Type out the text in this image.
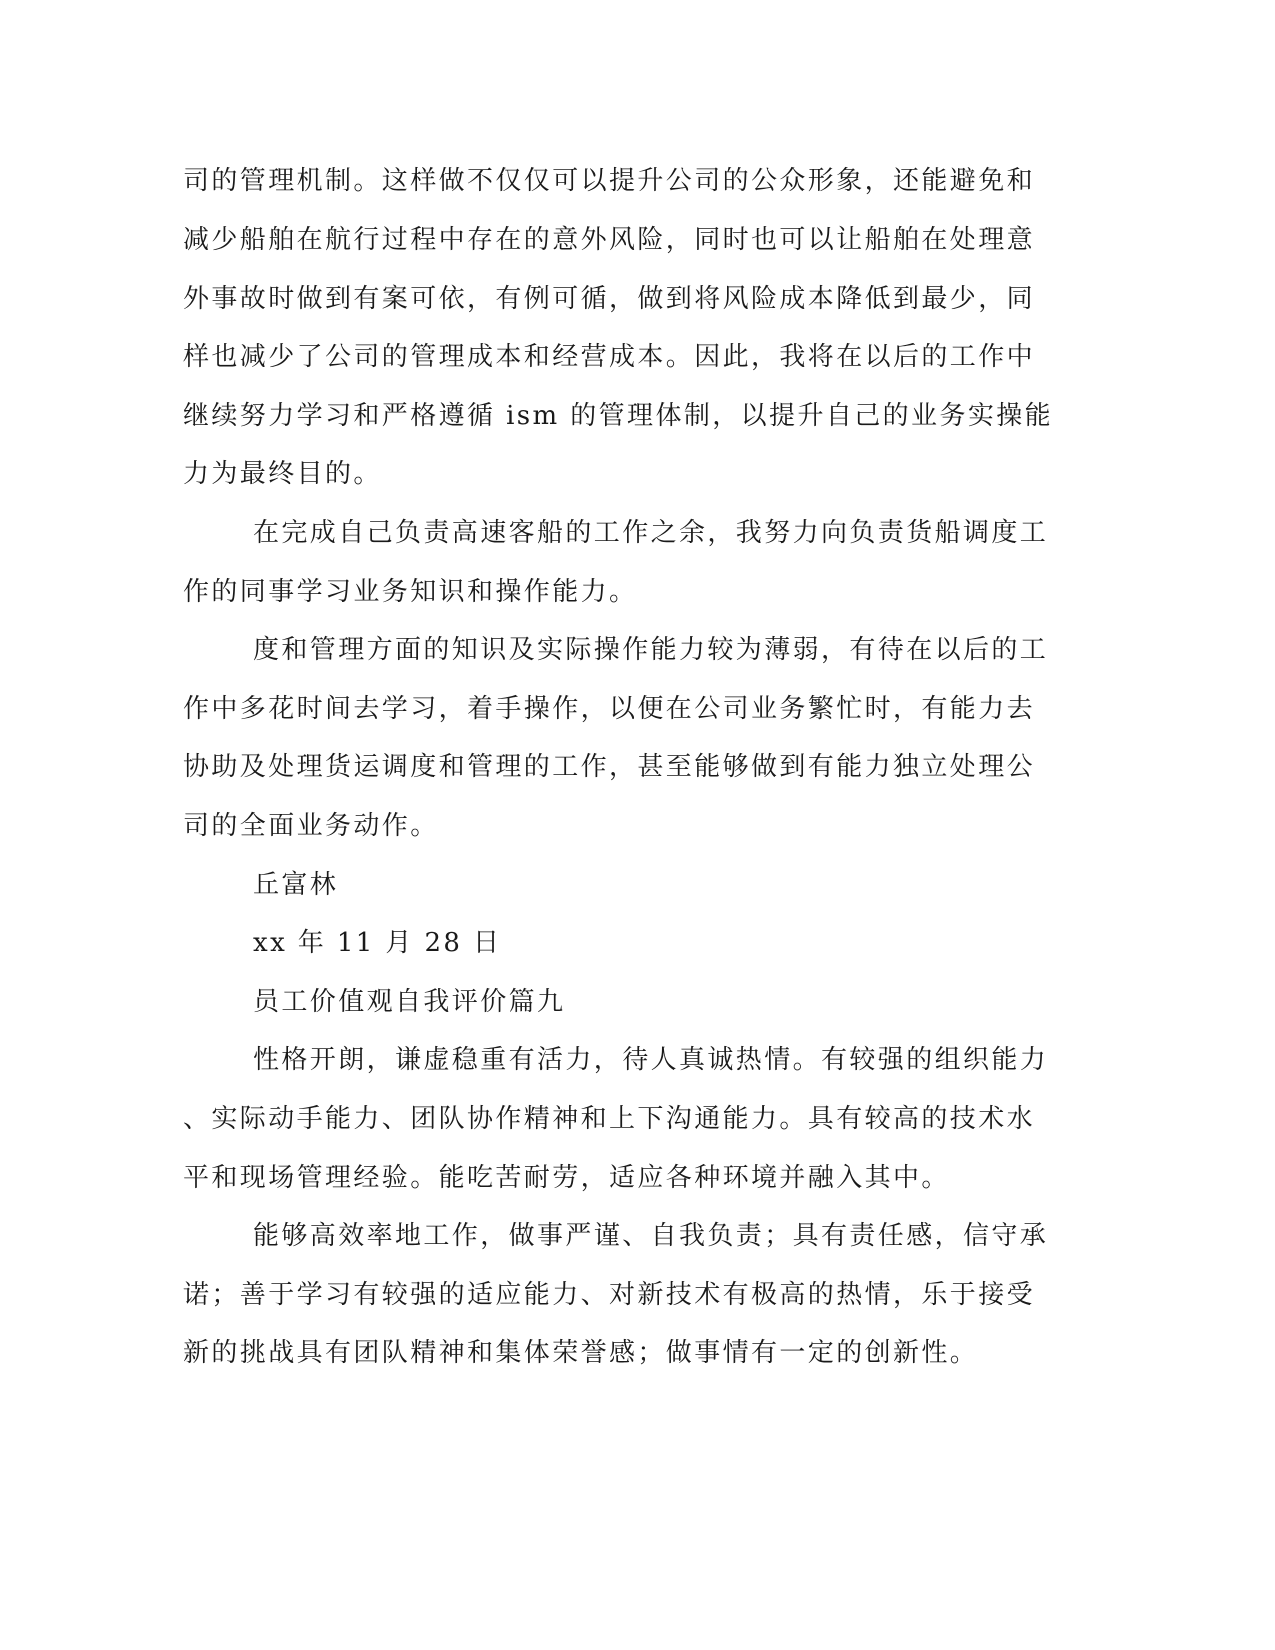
司的管理机制。这样做不仅仅可以提升公司的公众形象，还能避免和

减少船舶在航行过程中存在的意外风险，同时也可以让船舶在处理意

外事故时做到有案可依，有例可循，做到将风险成本降低到最少，同

样也减少了公司的管理成本和经营成本。因此，我将在以后的工作中

继续努力学习和严格遵循 ism 的管理体制，以提升自己的业务实操能

力为最终目的。

在完成自己负责高速客船的工作之余，我努力向负责货船调度工

作的同事学习业务知识和操作能力。

度和管理方面的知识及实际操作能力较为薄弱，有待在以后的工

作中多花时间去学习，着手操作，以便在公司业务繁忙时，有能力去

协助及处理货运调度和管理的工作，甚至能够做到有能力独立处理公

司的全面业务动作。

丘富林

xx 年 11 月 28 日

员工价值观自我评价篇九

性格开朗，谦虚稳重有活力，待人真诚热情。有较强的组织能力

、实际动手能力、团队协作精神和上下沟通能力。具有较高的技术水

平和现场管理经验。能吃苦耐劳，适应各种环境并融入其中。

能够高效率地工作，做事严谨、自我负责；具有责任感，信守承

诺；善于学习有较强的适应能力、对新技术有极高的热情，乐于接受

新的挑战具有团队精神和集体荣誉感；做事情有一定的创新性。
